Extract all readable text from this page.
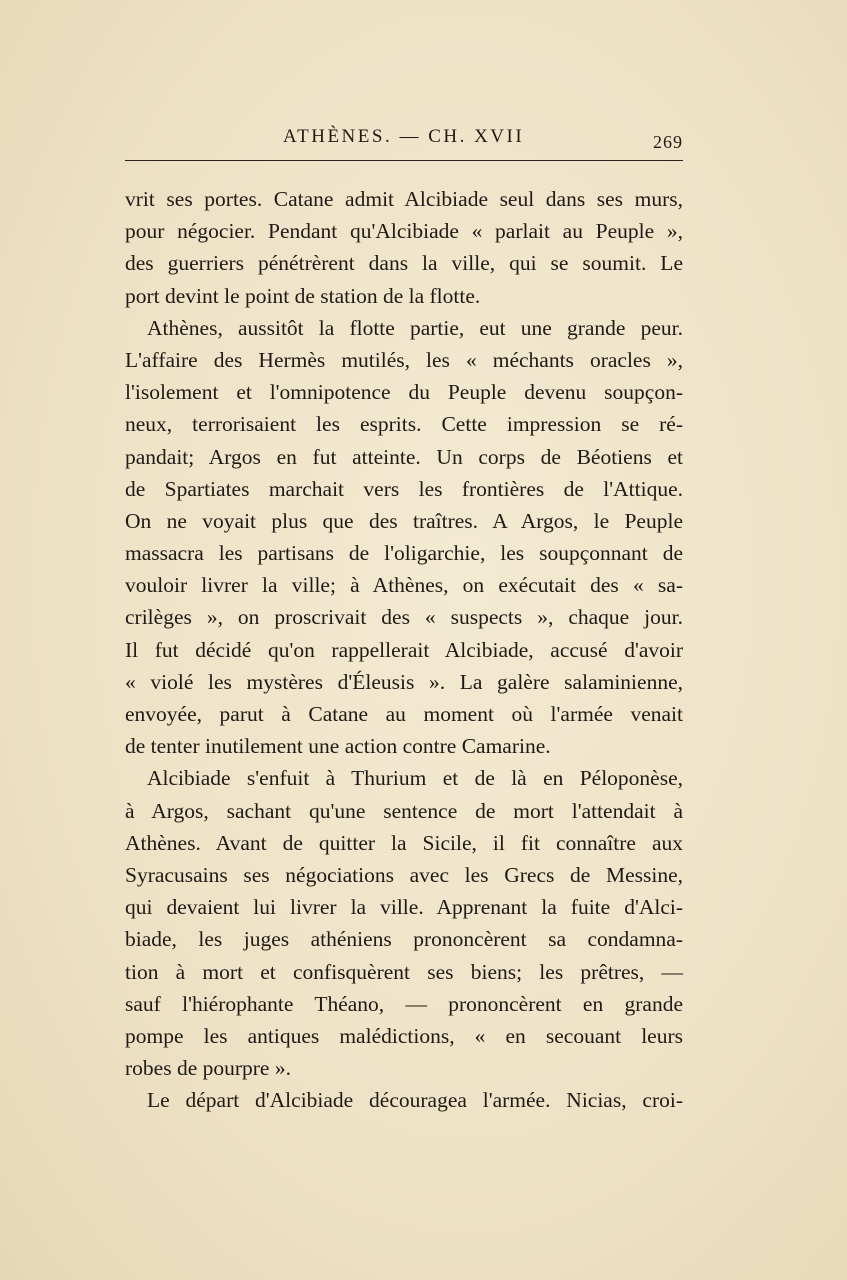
ATHÈNES. — CH. XVII	269
vrit ses portes. Catane admit Alcibiade seul dans ses murs,
pour négocier. Pendant qu'Alcibiade « parlait au Peuple »,
des guerriers pénétrèrent dans la ville, qui se soumit. Le
port devint le point de station de la flotte.
Athènes, aussitôt la flotte partie, eut une grande peur.
L'affaire des Hermès mutilés, les « méchants oracles »,
l'isolement et l'omnipotence du Peuple devenu soupçon-
neux, terrorisaient les esprits. Cette impression se ré-
pandait; Argos en fut atteinte. Un corps de Béotiens et
de Spartiates marchait vers les frontières de l'Attique.
On ne voyait plus que des traîtres. A Argos, le Peuple
massacra les partisans de l'oligarchie, les soupçonnant de
vouloir livrer la ville; à Athènes, on exécutait des « sa-
crilèges », on proscrivait des « suspects », chaque jour.
Il fut décidé qu'on rappellerait Alcibiade, accusé d'avoir
« violé les mystères d'Éleusis ». La galère salaminienne,
envoyée, parut à Catane au moment où l'armée venait
de tenter inutilement une action contre Camarine.
Alcibiade s'enfuit à Thurium et de là en Péloponèse,
à Argos, sachant qu'une sentence de mort l'attendait à
Athènes. Avant de quitter la Sicile, il fit connaître aux
Syracusains ses négociations avec les Grecs de Messine,
qui devaient lui livrer la ville. Apprenant la fuite d'Alci-
biade, les juges athéniens prononcèrent sa condamna-
tion à mort et confisquèrent ses biens; les prêtres, —
sauf l'hiérophante Théano, — prononcèrent en grande
pompe les antiques malédictions, « en secouant leurs
robes de pourpre ».
Le départ d'Alcibiade découragea l'armée. Nicias, croi-
